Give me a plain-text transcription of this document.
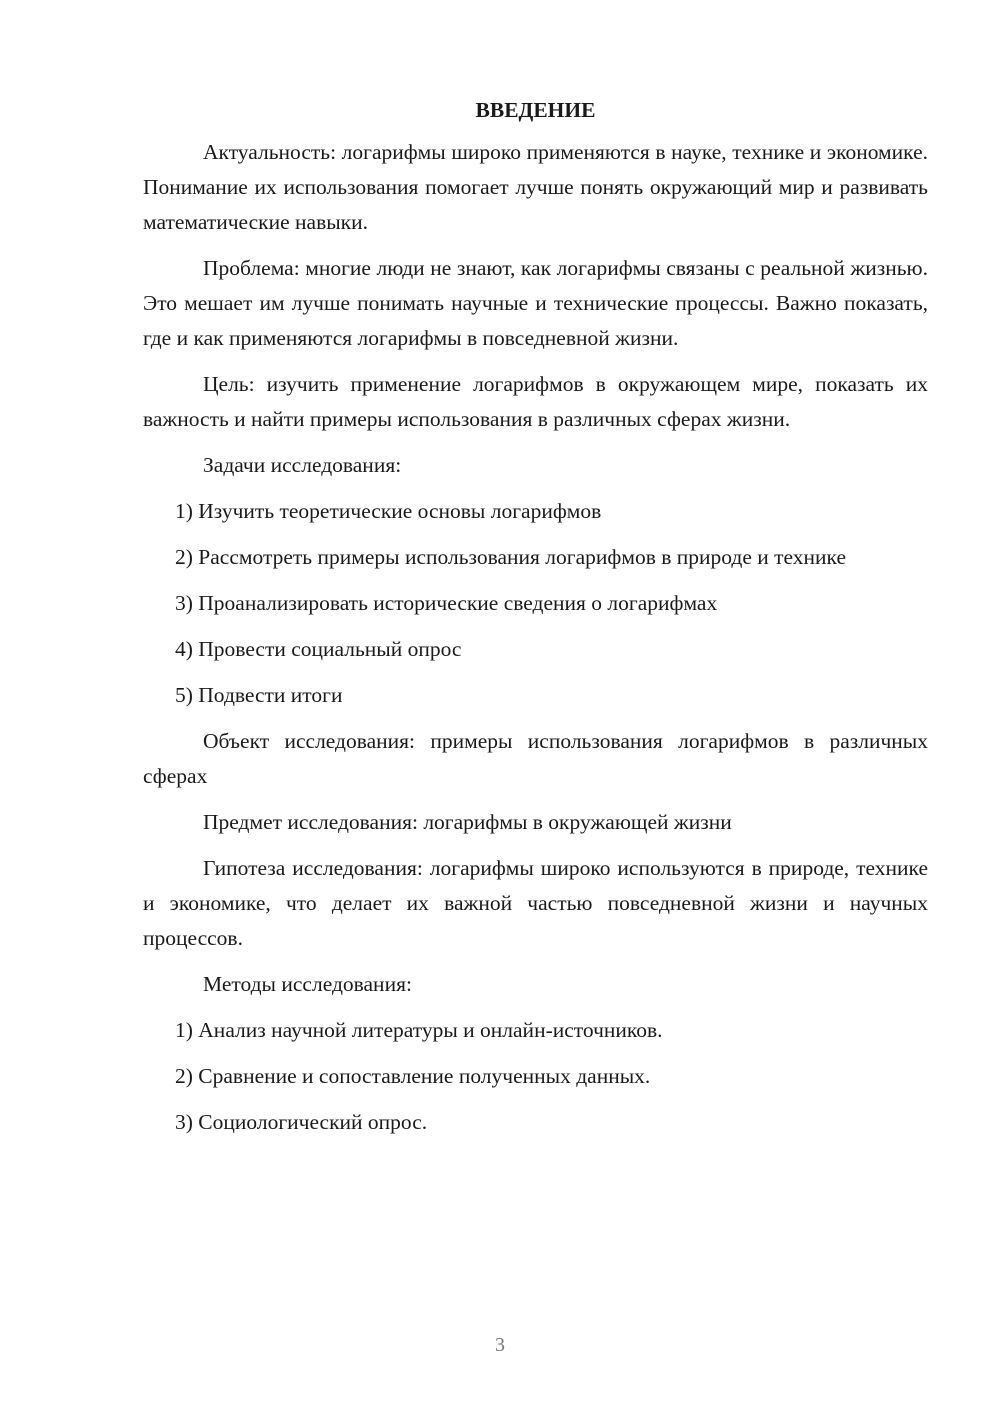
ВВЕДЕНИЕ

Актуальность: логарифмы широко применяются в науке, технике и экономике. Понимание их использования помогает лучше понять окружающий мир и развивать математические навыки.

Проблема: многие люди не знают, как логарифмы связаны с реальной жизнью. Это мешает им лучше понимать научные и технические процессы. Важно показать, где и как применяются логарифмы в повседневной жизни.

Цель: изучить применение логарифмов в окружающем мире, показать их важность и найти примеры использования в различных сферах жизни.

Задачи исследования:

1) Изучить теоретические основы логарифмов

2) Рассмотреть примеры использования логарифмов в природе и технике

3) Проанализировать исторические сведения о логарифмах

4) Провести социальный опрос

5) Подвести итоги

Объект исследования: примеры использования логарифмов в различных сферах

Предмет исследования: логарифмы в окружающей жизни

Гипотеза исследования: логарифмы широко используются в природе, технике и экономике, что делает их важной частью повседневной жизни и научных процессов.

Методы исследования:

1) Анализ научной литературы и онлайн-источников.

2) Сравнение и сопоставление полученных данных.

3) Социологический опрос.

3
